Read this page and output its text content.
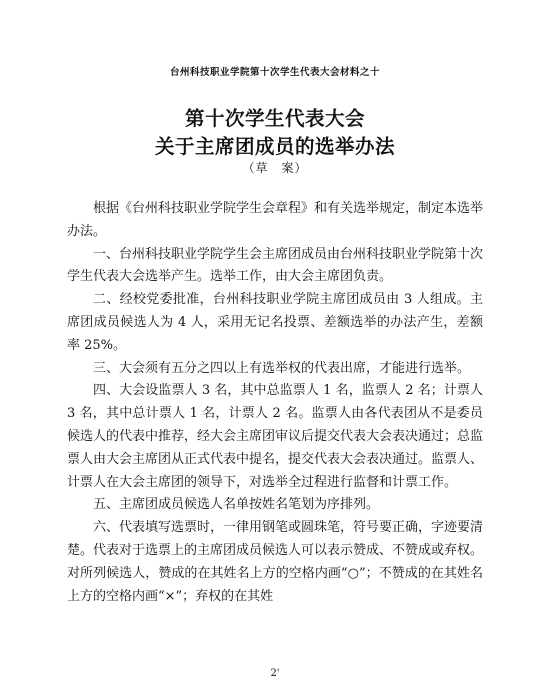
台州科技职业学院第十次学生代表大会材料之十
第十次学生代表大会
关于主席团成员的选举办法
（草　案）

根据《台州科技职业学院学生会章程》和有关选举规定，制定本选举办法。

一、台州科技职业学院学生会主席团成员由台州科技职业学院第十次学生代表大会选举产生。选举工作，由大会主席团负责。

二、经校党委批准，台州科技职业学院主席团成员由 3 人组成。主席团成员候选人为 4 人，采用无记名投票、差额选举的办法产生，差额率 25%。

三、大会须有五分之四以上有选举权的代表出席，才能进行选举。

四、大会设监票人 3 名，其中总监票人 1 名，监票人 2 名；计票人 3 名，其中总计票人 1 名，计票人 2 名。监票人由各代表团从不是委员候选人的代表中推荐，经大会主席团审议后提交代表大会表决通过；总监票人由大会主席团从正式代表中提名，提交代表大会表决通过。监票人、计票人在大会主席团的领导下，对选举全过程进行监督和计票工作。

五、主席团成员候选人名单按姓名笔划为序排列。

六、代表填写选票时，一律用钢笔或圆珠笔，符号要正确，字迹要清楚。代表对于选票上的主席团成员候选人可以表示赞成、不赞成或弃权。对所列候选人，赞成的在其姓名上方的空格内画“○”；不赞成的在其姓名上方的空格内画“×”；弃权的在其姓

2'
